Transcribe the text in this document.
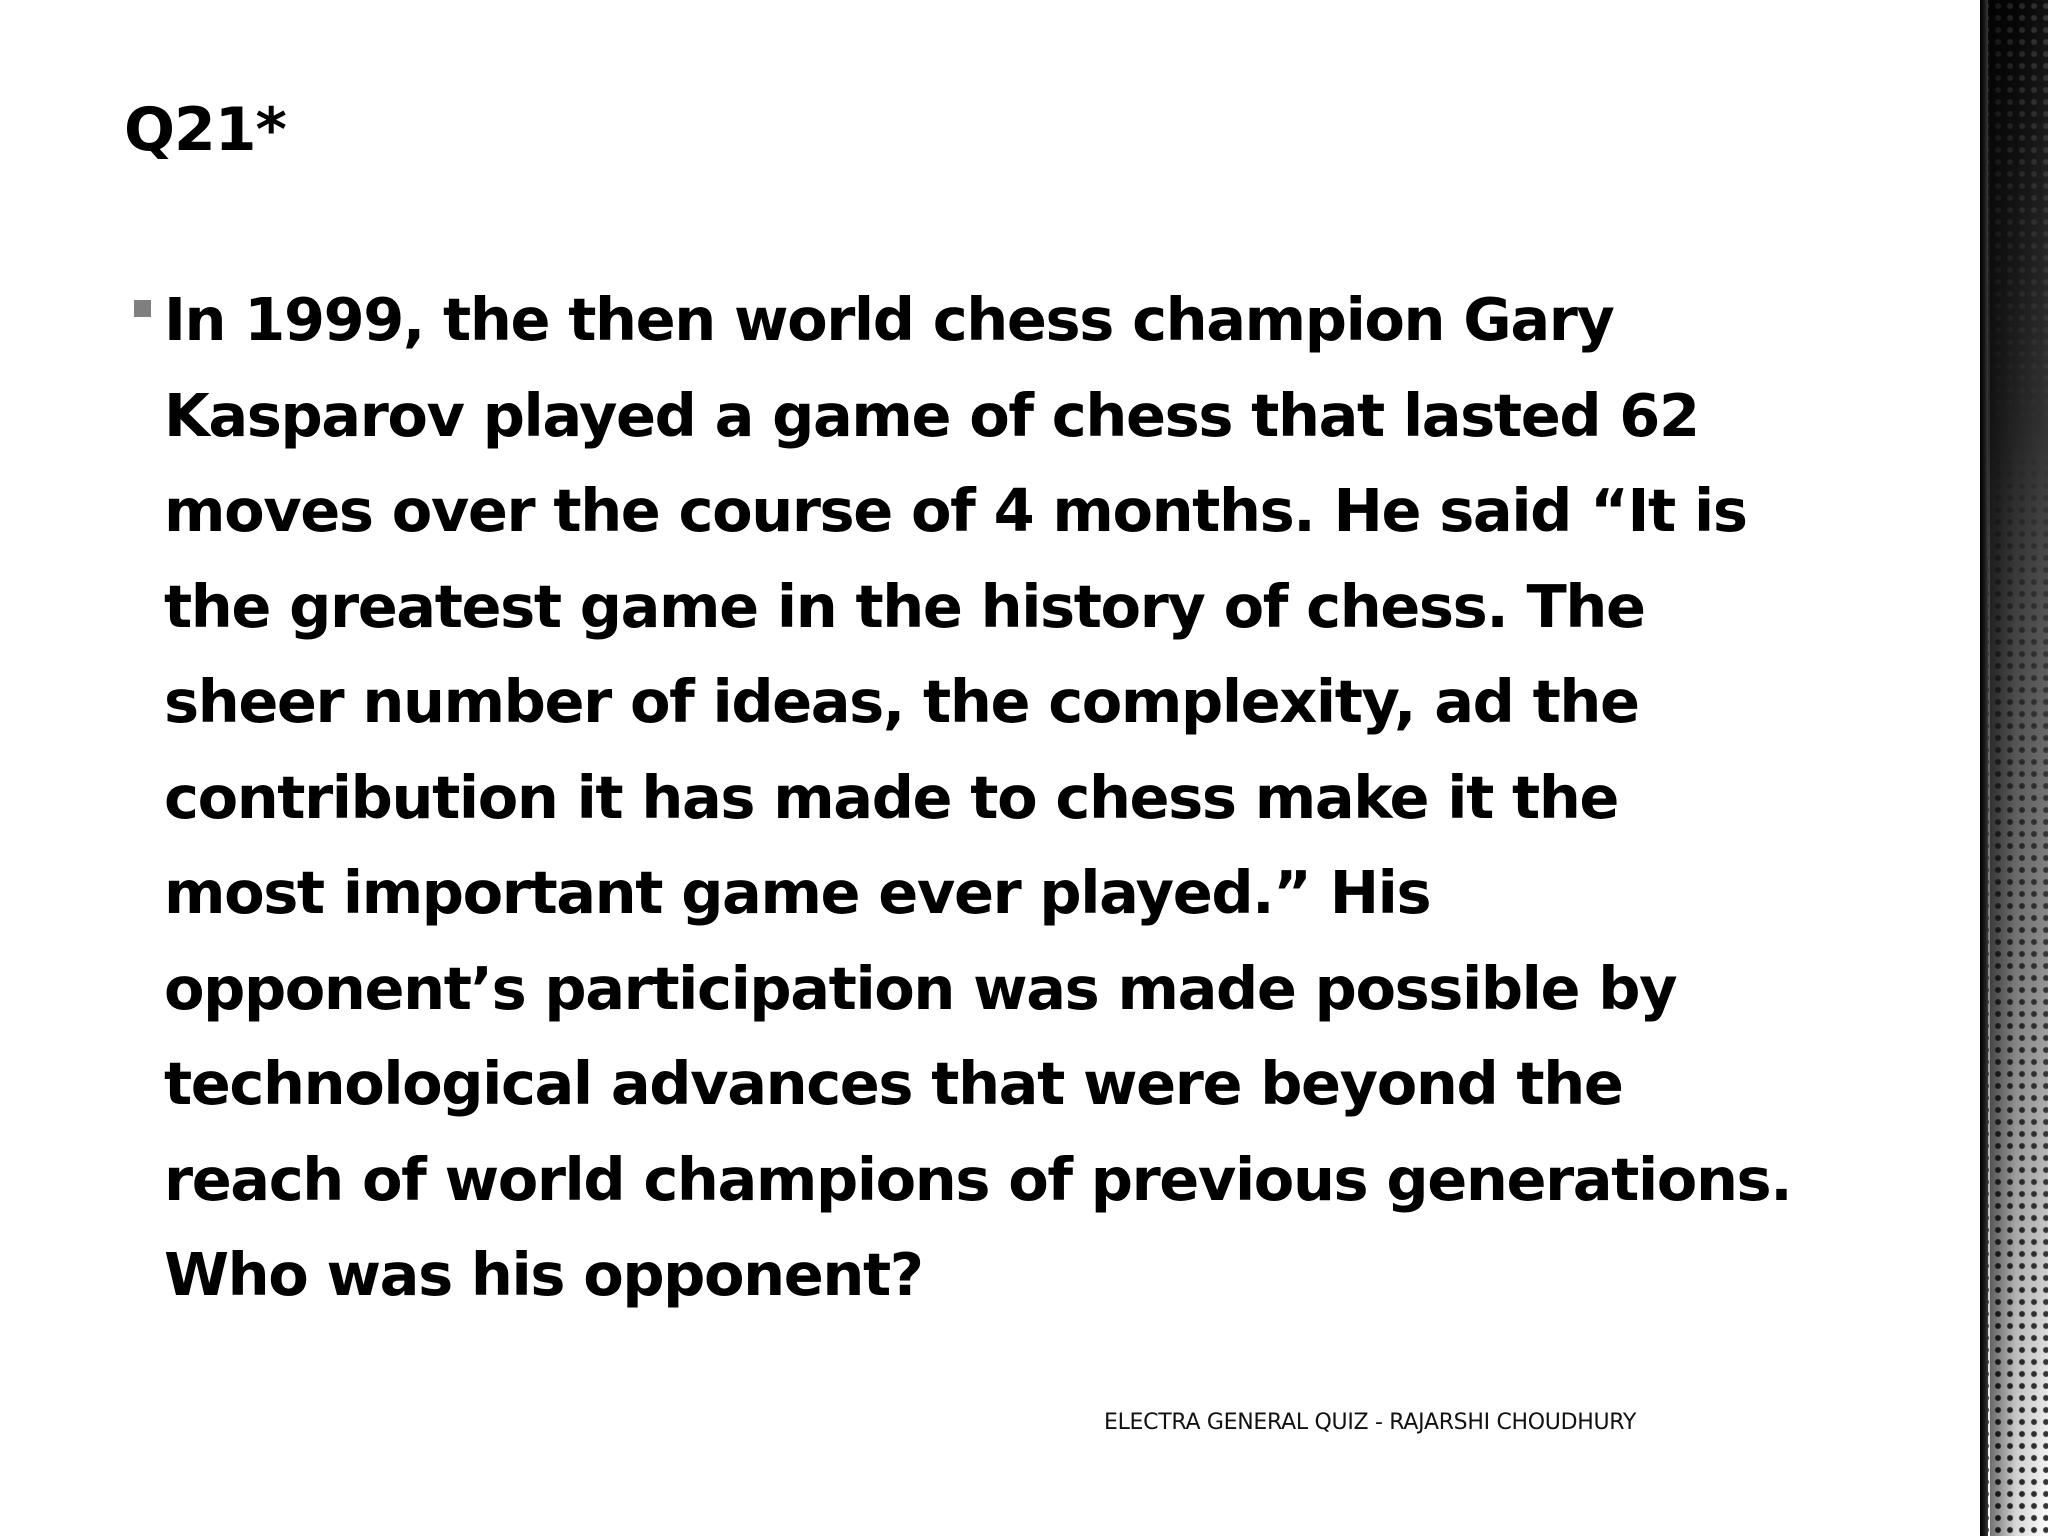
Q21*
In 1999, the then world chess champion Gary
Kasparov played a game of chess that lasted 62
moves over the course of 4 months. He said “It is
the greatest game in the history of chess. The
sheer number of ideas, the complexity, ad the
contribution it has made to chess make it the
most important game ever played.” His
opponent’s participation was made possible by
technological advances that were beyond the
reach of world champions of previous generations.
Who was his opponent?
ELECTRA GENERAL QUIZ - RAJARSHI CHOUDHURY
